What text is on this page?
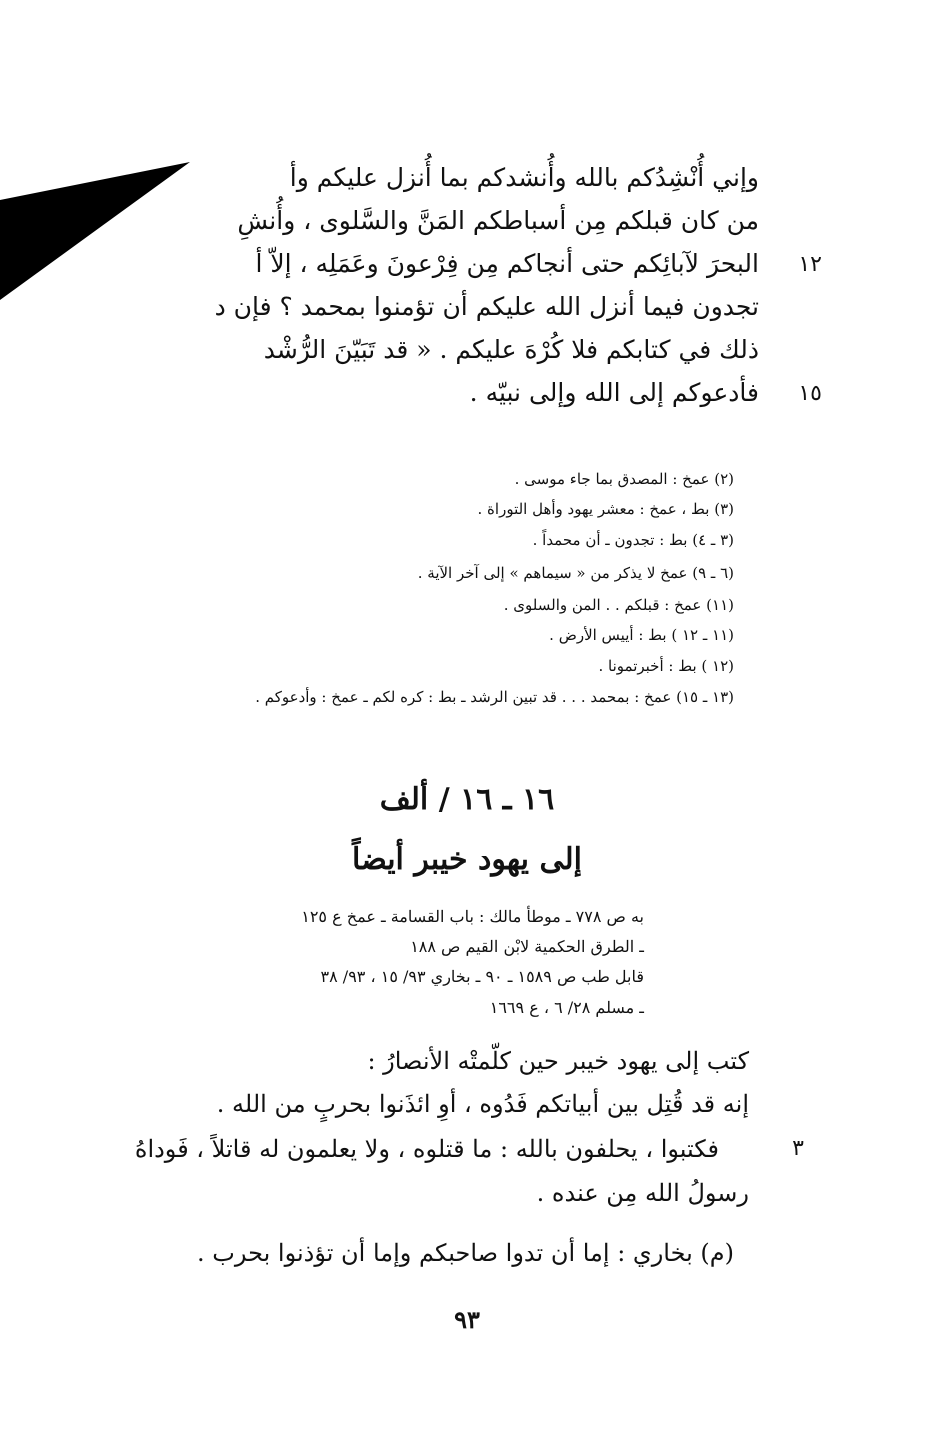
وإني أُنْشِدُكم بالله وأُنشدكم بما أُنزل عليكم وأ
من كان قبلكم مِن أسباطكم المَنَّ والسَّلوى ، وأُنشِ
البحرَ لآبائِكم حتى أنجاكم مِن فِرْعونَ وعَمَلِه ، إلاّ أ
تجدون فيما أنزل الله عليكم أن تؤمنوا بمحمد ؟ فإن د
ذلك في كتابكم فلا كُرْهَ عليكم . « قد تَبَيّنَ الرُّشْد
فأدعوكم إلى الله وإلى نبيّه .
١٢
١٥
(٢) عمخ : المصدق بما جاء موسى .
(٣) بط ، عمخ : معشر يهود وأهل التوراة .
(٣ ـ ٤) بط : تجدون ـ أن محمداً .
(٦ ـ ٩) عمخ لا يذكر من « سيماهم » إلى آخر الآية .
(١١) عمخ : قبلكم . . المن والسلوى .
(١١ ـ ١٢ ) بط : أييس الأرض .
(١٢ ) بط : أخبرتمونا .
(١٣ ـ ١٥) عمخ : بمحمد . . . قد تبين الرشد ـ بط : كره لكم ـ عمخ : وأدعوكم .
١٦ ـ ١٦ / ألف
إلى يهود خيبر أيضاً
به ص ٧٧٨ ـ موطأ مالك : باب القسامة ـ عمخ ع ١٢٥
ـ الطرق الحكمية لابْن القيم ص ١٨٨
قابل طب ص ١٥٨٩ ـ ٩٠ ـ بخاري ٩٣/ ١٥ ، ٩٣/ ٣٨
ـ مسلم ٢٨/ ٦ ، ع ١٦٦٩
كتب إلى يهود خيبر حين كلّمتْه الأنصارُ :
إنه قد قُتِل بين أبياتكم فَدُوه ، أوِ ائذَنوا بحربٍ من الله .
فكتبوا ، يحلفون بالله : ما قتلوه ، ولا يعلمون له قاتلاً ، فَوداهُ
رسولُ الله مِن عنده .
٣
(م) بخاري : إما أن تدوا صاحبكم وإما أن تؤذنوا بحرب .
٩٣
